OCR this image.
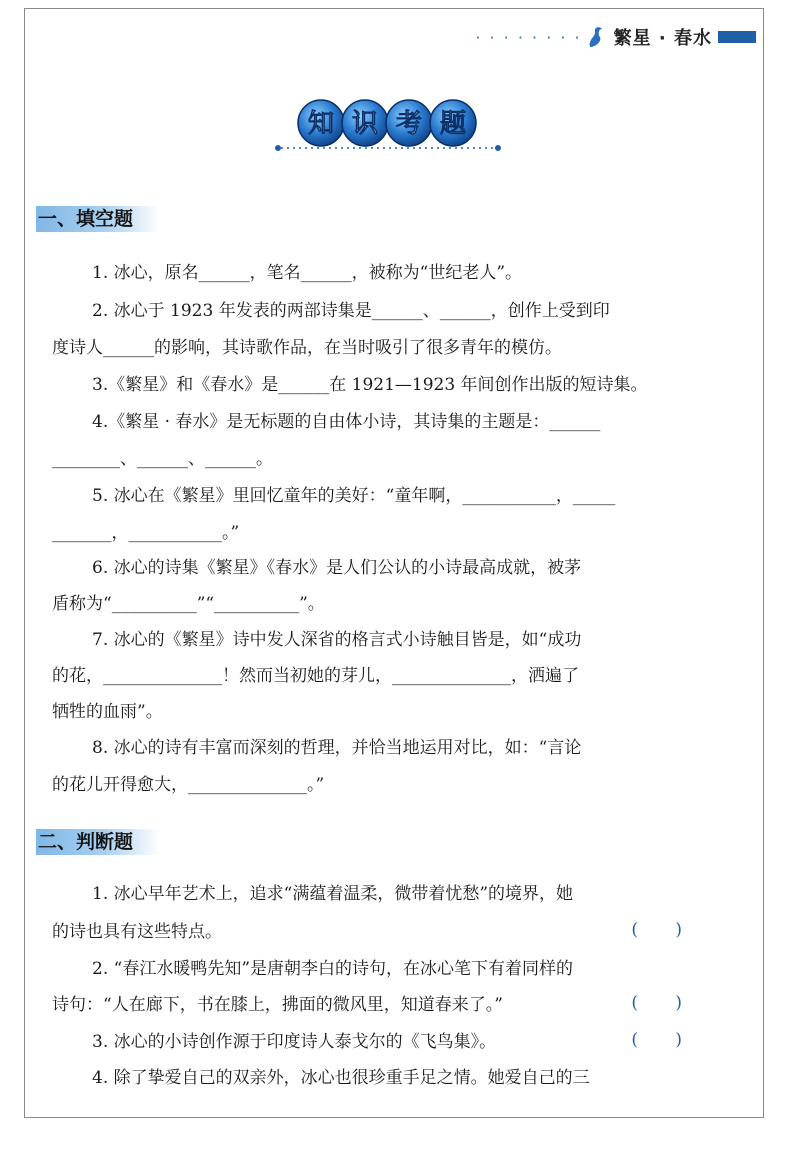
· · · · · · · · 繁星 · 春水
知 识 考 题
一、填空题
1. 冰心，原名______，笔名______，被称为“世纪老人”。
2. 冰心于 1923 年发表的两部诗集是______、______，创作上受到印
度诗人______的影响，其诗歌作品，在当时吸引了很多青年的模仿。
3.《繁星》和《春水》是______在 1921—1923 年间创作出版的短诗集。
4.《繁星 · 春水》是无标题的自由体小诗，其诗集的主题是：______
________、______、______。
5. 冰心在《繁星》里回忆童年的美好：“童年啊，___________，_____
_______，___________。”
6. 冰心的诗集《繁星》《春水》是人们公认的小诗最高成就，被茅
盾称为“__________”“__________”。
7. 冰心的《繁星》诗中发人深省的格言式小诗触目皆是，如“成功
的花，______________！然而当初她的芽儿，______________，洒遍了
牺牲的血雨”。
8. 冰心的诗有丰富而深刻的哲理，并恰当地运用对比，如：“言论
的花儿开得愈大，______________。”
二、判断题
1. 冰心早年艺术上，追求“满蕴着温柔，微带着忧愁”的境界，她
的诗也具有这些特点。	( )
2. “春江水暖鸭先知”是唐朝李白的诗句，在冰心笔下有着同样的
诗句：“人在廊下，书在膝上，拂面的微风里，知道春来了。”	( )
3. 冰心的小诗创作源于印度诗人泰戈尔的《飞鸟集》。	( )
4. 除了挚爱自己的双亲外，冰心也很珍重手足之情。她爱自己的三
